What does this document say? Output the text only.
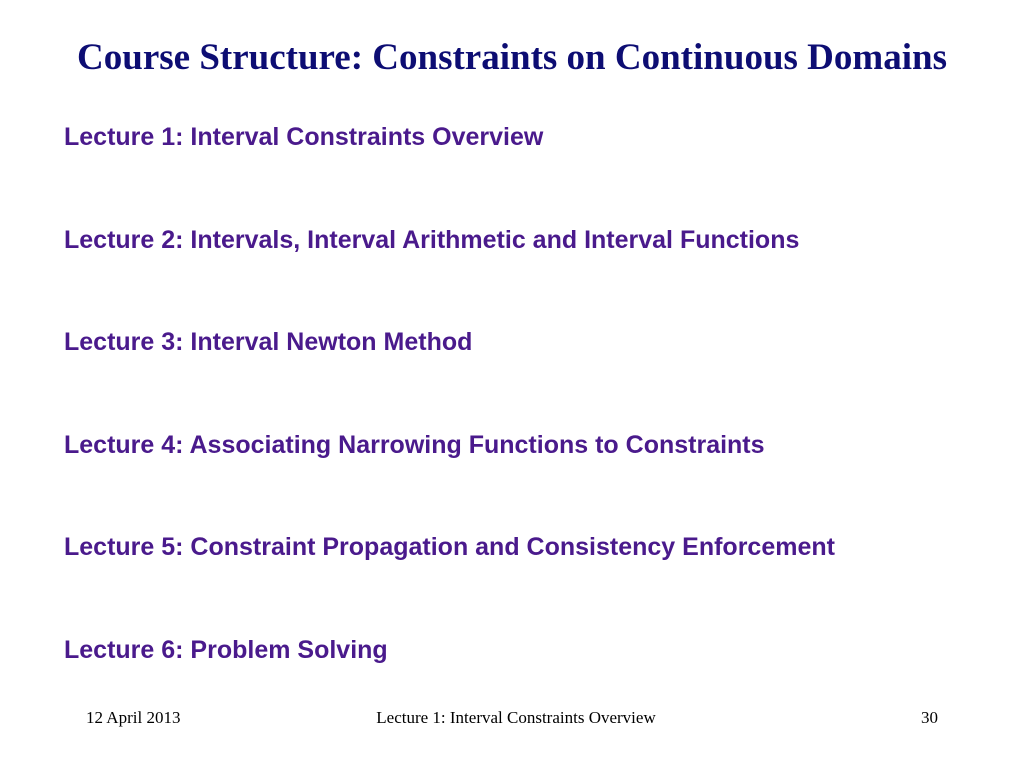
Course Structure: Constraints on Continuous Domains
Lecture 1: Interval Constraints Overview
Lecture 2: Intervals, Interval Arithmetic and Interval Functions
Lecture 3: Interval Newton Method
Lecture 4: Associating Narrowing Functions to Constraints
Lecture 5: Constraint Propagation and Consistency Enforcement
Lecture 6: Problem Solving
12 April 2013	Lecture 1: Interval Constraints Overview	30
